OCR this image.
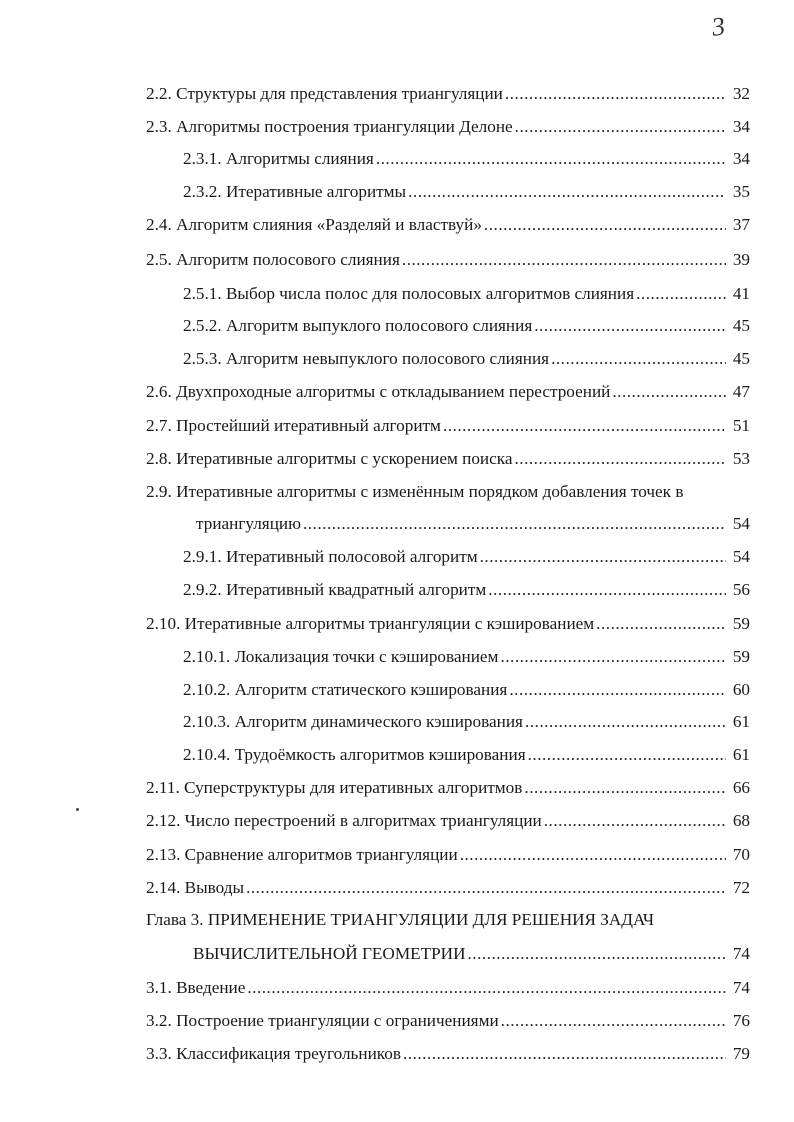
3
2.2. Структуры для представления триангуляции .....	32
2.3. Алгоритмы построения триангуляции Делоне .....	34
2.3.1. Алгоритмы слияния .....	34
2.3.2. Итеративные алгоритмы .....	35
2.4. Алгоритм слияния «Разделяй и властвуй» .....	37
2.5. Алгоритм полосового слияния .....	39
2.5.1. Выбор числа полос для полосовых алгоритмов слияния .....	41
2.5.2. Алгоритм выпуклого полосового слияния .....	45
2.5.3. Алгоритм невыпуклого полосового слияния .....	45
2.6. Двухпроходные алгоритмы с откладыванием перестроений .....	47
2.7. Простейший итеративный алгоритм .....	51
2.8. Итеративные алгоритмы с ускорением поиска .....	53
2.9. Итеративные алгоритмы с изменённым порядком добавления точек в
триангуляцию .....	54
2.9.1. Итеративный полосовой алгоритм .....	54
2.9.2. Итеративный квадратный алгоритм .....	56
2.10. Итеративные алгоритмы триангуляции с кэшированием .....	59
2.10.1. Локализация точки с кэшированием .....	59
2.10.2. Алгоритм статического кэширования .....	60
2.10.3. Алгоритм динамического кэширования .....	61
2.10.4. Трудоёмкость алгоритмов кэширования .....	61
2.11. Суперструктуры для итеративных алгоритмов .....	66
2.12. Число перестроений в алгоритмах триангуляции .....	68
2.13. Сравнение алгоритмов триангуляции .....	70
2.14. Выводы .....	72
Глава 3. ПРИМЕНЕНИЕ ТРИАНГУЛЯЦИИ ДЛЯ РЕШЕНИЯ ЗАДАЧ
ВЫЧИСЛИТЕЛЬНОЙ ГЕОМЕТРИИ .....	74
3.1. Введение .....	74
3.2. Построение триангуляции с ограничениями .....	76
3.3. Классификация треугольников .....	79
